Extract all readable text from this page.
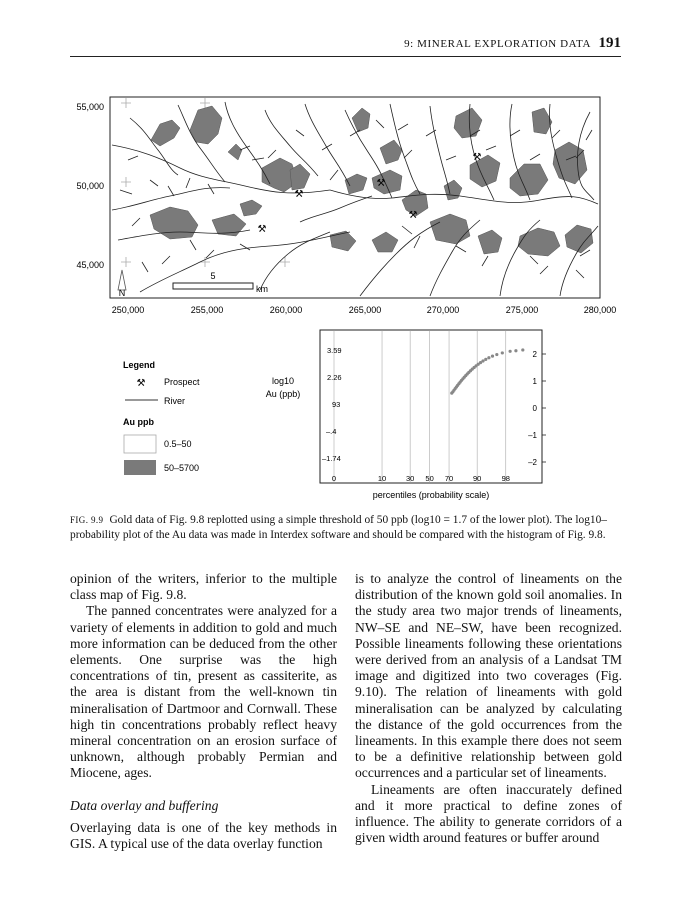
9: MINERAL EXPLORATION DATA 191
55,000
50,000
45,000
250,000	255,000	260,000	265,000	270,000	275,000	280,000
⚒
⚒
⚒
⚒
⚒
N
5
km
Legend
⚒ Prospect
River
Au ppb
0.5–50
50–5700
log10
Au (ppb)
3.59
2.26
93
–.4
–1.74
2
1
0
–1
–2
0	10	30 50 70	90	98
percentiles (probability scale)
FIG. 9.9 Gold data of Fig. 9.8 replotted using a simple threshold of 50 ppb (log10 = 1.7 of the lower plot). The log10–probability plot of the Au data was made in Interdex software and should be compared with the histogram of Fig. 9.8.

opinion of the writers, inferior to the multiple class map of Fig. 9.8.

The panned concentrates were analyzed for a variety of elements in addition to gold and much more information can be deduced from the other elements. One surprise was the high concentrations of tin, present as cassiterite, as the area is distant from the well-known tin mineralisation of Dartmoor and Cornwall. These high tin concentrations probably reflect heavy mineral concentration on an erosion surface of unknown, although probably Permian and Miocene, ages.

Data overlay and buffering

Overlaying data is one of the key methods in GIS. A typical use of the data overlay function

is to analyze the control of lineaments on the distribution of the known gold soil anomalies. In the study area two major trends of lineaments, NW–SE and NE–SW, have been recognized. Possible lineaments following these orientations were derived from an analysis of a Landsat TM image and digitized into two coverages (Fig. 9.10). The relation of lineaments with gold mineralisation can be analyzed by calculating the distance of the gold occurrences from the lineaments. In this example there does not seem to be a definitive relationship between gold occurrences and a particular set of lineaments.

Lineaments are often inaccurately defined and it more practical to define zones of influence. The ability to generate corridors of a given width around features or buffer around
